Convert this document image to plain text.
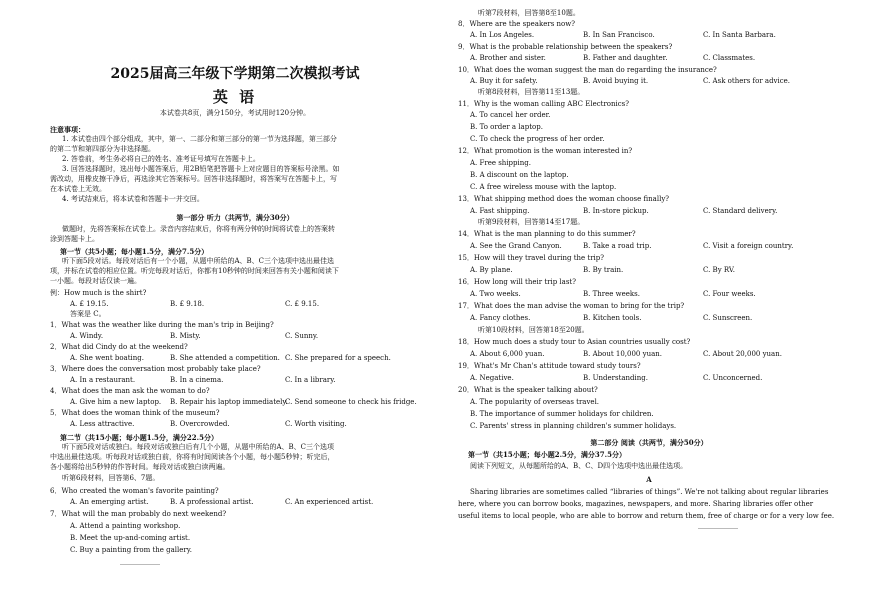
2025届高三年级下学期第二次模拟考试
英 语
本试卷共8页，满分150分，考试用时120分钟。
注意事项：
1. 本试卷由四个部分组成，其中，第一、二部分和第三部分的第一节为选择题，第三部分
的第二节和第四部分为非选择题。
2. 答卷前，考生务必将自己的姓名、准考证号填写在答题卡上。
3. 回答选择题时，选出每小题答案后，用2B铅笔把答题卡上对应题目的答案标号涂黑。如
需改动，用橡皮擦干净后，再选涂其它答案标号。回答非选择题时，将答案写在答题卡上，写
在本试卷上无效。
4. 考试结束后，将本试卷和答题卡一并交回。
第一部分 听力（共两节，满分30分）
做题时，先将答案标在试卷上。录音内容结束后，你将有两分钟的时间将试卷上的答案转
涂到答题卡上。
第一节（共5小题；每小题1.5分，满分7.5分）
听下面5段对话。每段对话后有一个小题，从题中所给的A、B、C三个选项中选出最佳选
项，并标在试卷的相应位置。听完每段对话后，你都有10秒钟的时间来回答有关小题和阅读下
一小题。每段对话仅读一遍。
例：How much is the shirt?
A. £ 19.15.	B. £ 9.18.	C. £ 9.15.
答案是 C。
1．What was the weather like during the man's trip in Beijing?
A. Windy.	B. Misty.	C. Sunny.
2．What did Cindy do at the weekend?
A. She went boating.	B. She attended a competition. C. She prepared for a speech.
3．Where does the conversation most probably take place?
A. In a restaurant.	B. In a cinema.	C. In a library.
4．What does the man ask the woman to do?
A. Give him a new laptop. B. Repair his laptop immediately.
C. Send someone to check his fridge.
5．What does the woman think of the museum?
A. Less attractive.	B. Overcrowded.	C. Worth visiting.
第二节（共15小题；每小题1.5分，满分22.5分）
听下面5段对话或独白。每段对话或独白后有几个小题，从题中所给的A、B、C三个选项
中选出最佳选项。听每段对话或独白前，你将有时间阅读各个小题，每小题5秒钟；听完后，
各小题将给出5秒钟的作答时间。每段对话或独白读两遍。
听第6段材料，回答第6、7题。
6．Who created the woman's favorite painting?
A. An emerging artist.	B. A professional artist.	C. An experienced artist.
7．What will the man probably do next weekend?
A. Attend a painting workshop.
B. Meet the up-and-coming artist.
C. Buy a painting from the gallery.
听第7段材料，回答第8至10题。
8．Where are the speakers now?
A. In Los Angeles.	B. In San Francisco.	C. In Santa Barbara.
9．What is the probable relationship between the speakers?
A. Brother and sister.	B. Father and daughter.	C. Classmates.
10．What does the woman suggest the man do regarding the insurance?
A. Buy it for safety.	B. Avoid buying it.	C. Ask others for advice.
听第8段材料，回答第11至13题。
11．Why is the woman calling ABC Electronics?
A. To cancel her order.
B. To order a laptop.
C. To check the progress of her order.
12．What promotion is the woman interested in?
A. Free shipping.
B. A discount on the laptop.
C. A free wireless mouse with the laptop.
13．What shipping method does the woman choose finally?
A. Fast shipping.	B. In-store pickup.	C. Standard delivery.
听第9段材料，回答第14至17题。
14．What is the man planning to do this summer?
A. See the Grand Canyon.	B. Take a road trip.	C. Visit a foreign country.
15．How will they travel during the trip?
A. By plane.	B. By train.	C. By RV.
16．How long will their trip last?
A. Two weeks.	B. Three weeks.	C. Four weeks.
17．What does the man advise the woman to bring for the trip?
A. Fancy clothes.	B. Kitchen tools.	C. Sunscreen.
听第10段材料，回答第18至20题。
18．How much does a study tour to Asian countries usually cost?
A. About 6,000 yuan.	B. About 10,000 yuan.	C. About 20,000 yuan.
19．What's Mr Chan's attitude toward study tours?
A. Negative.	B. Understanding.	C. Unconcerned.
20．What is the speaker talking about?
A. The popularity of overseas travel.
B. The importance of summer holidays for children.
C. Parents' stress in planning children's summer holidays.
第二部分 阅读（共两节，满分50分）
第一节（共15小题；每小题2.5分，满分37.5分）
阅读下列短文，从每题所给的A、B、C、D四个选项中选出最佳选项。
A
Sharing libraries are sometimes called “libraries of things”. We're not talking about regular libraries
here, where you can borrow books, magazines, newspapers, and more. Sharing libraries offer other
useful items to local people, who are able to borrow and return them, free of charge or for a very low fee.
